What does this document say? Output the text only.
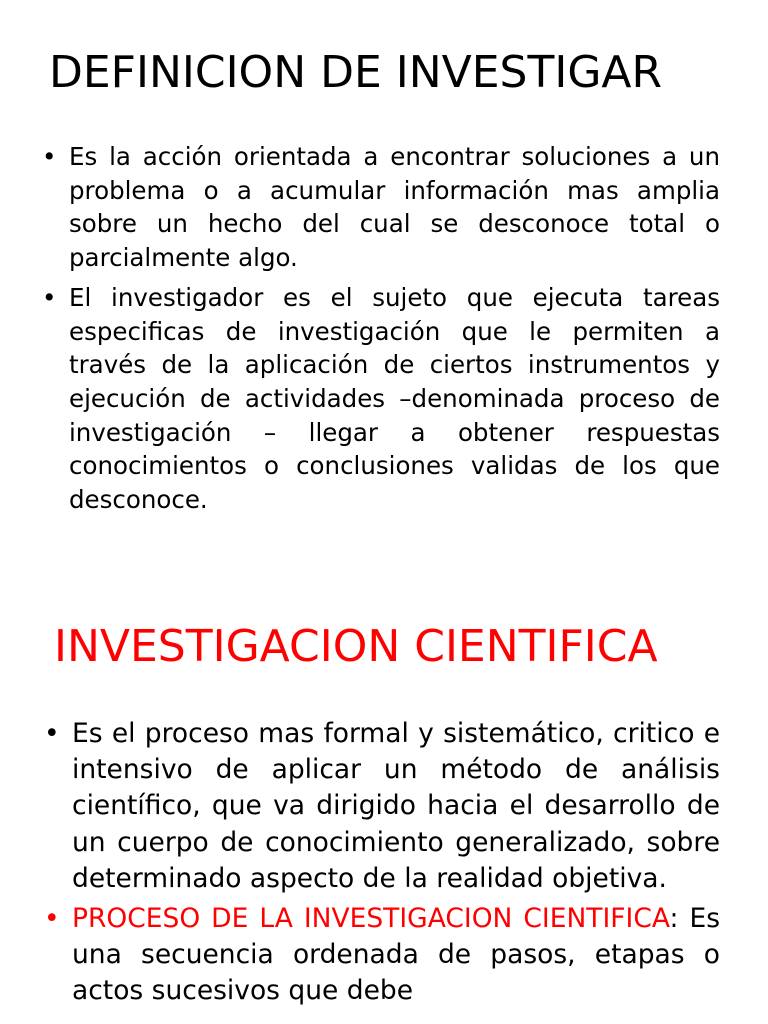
DEFINICION DE INVESTIGAR
• Es la acción orientada a encontrar soluciones a un problema o a acumular información mas amplia sobre un hecho del cual se desconoce total o parcialmente algo.
• El investigador es el sujeto que ejecuta tareas especificas de investigación que le permiten a través de la aplicación de ciertos instrumentos y ejecución de actividades –denominada proceso de investigación – llegar a obtener respuestas conocimientos o conclusiones validas de los que desconoce.
INVESTIGACION CIENTIFICA
• Es el proceso mas formal y sistemático, critico e intensivo de aplicar un método de análisis científico, que va dirigido hacia el desarrollo de un cuerpo de conocimiento generalizado, sobre determinado aspecto de la realidad objetiva.
• PROCESO DE LA INVESTIGACION CIENTIFICA: Es una secuencia ordenada de pasos, etapas o actos sucesivos que debe
